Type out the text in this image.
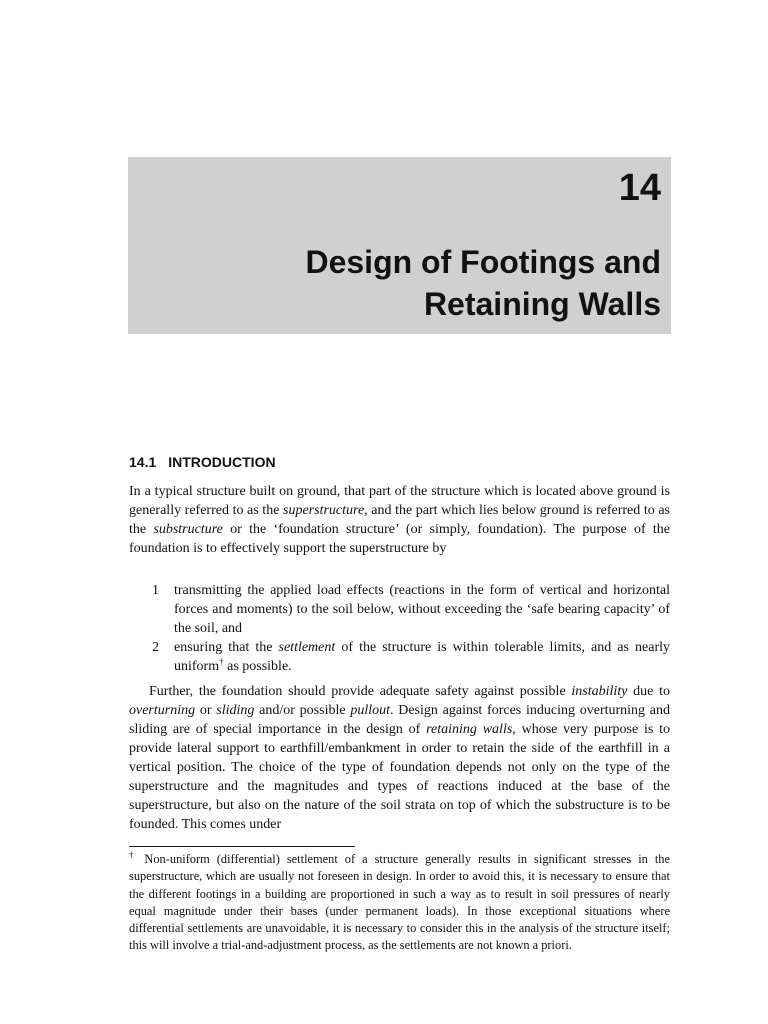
14
Design of Footings and
Retaining Walls
14.1 INTRODUCTION

In a typical structure built on ground, that part of the structure which is located above ground is generally referred to as the superstructure, and the part which lies below ground is referred to as the substructure or the ‘foundation structure’ (or simply, foundation). The purpose of the foundation is to effectively support the superstructure by

1 transmitting the applied load effects (reactions in the form of vertical and horizontal forces and moments) to the soil below, without exceeding the ‘safe bearing capacity’ of the soil, and
2 ensuring that the settlement of the structure is within tolerable limits, and as nearly uniform† as possible.

Further, the foundation should provide adequate safety against possible instability due to overturning or sliding and/or possible pullout. Design against forces inducing overturning and sliding are of special importance in the design of retaining walls, whose very purpose is to provide lateral support to earthfill/embankment in order to retain the side of the earthfill in a vertical position. The choice of the type of foundation depends not only on the type of the superstructure and the magnitudes and types of reactions induced at the base of the superstructure, but also on the nature of the soil strata on top of which the substructure is to be founded. This comes under

† Non-uniform (differential) settlement of a structure generally results in significant stresses in the superstructure, which are usually not foreseen in design. In order to avoid this, it is necessary to ensure that the different footings in a building are proportioned in such a way as to result in soil pressures of nearly equal magnitude under their bases (under permanent loads). In those exceptional situations where differential settlements are unavoidable, it is necessary to consider this in the analysis of the structure itself; this will involve a trial-and-adjustment process, as the settlements are not known a priori.
